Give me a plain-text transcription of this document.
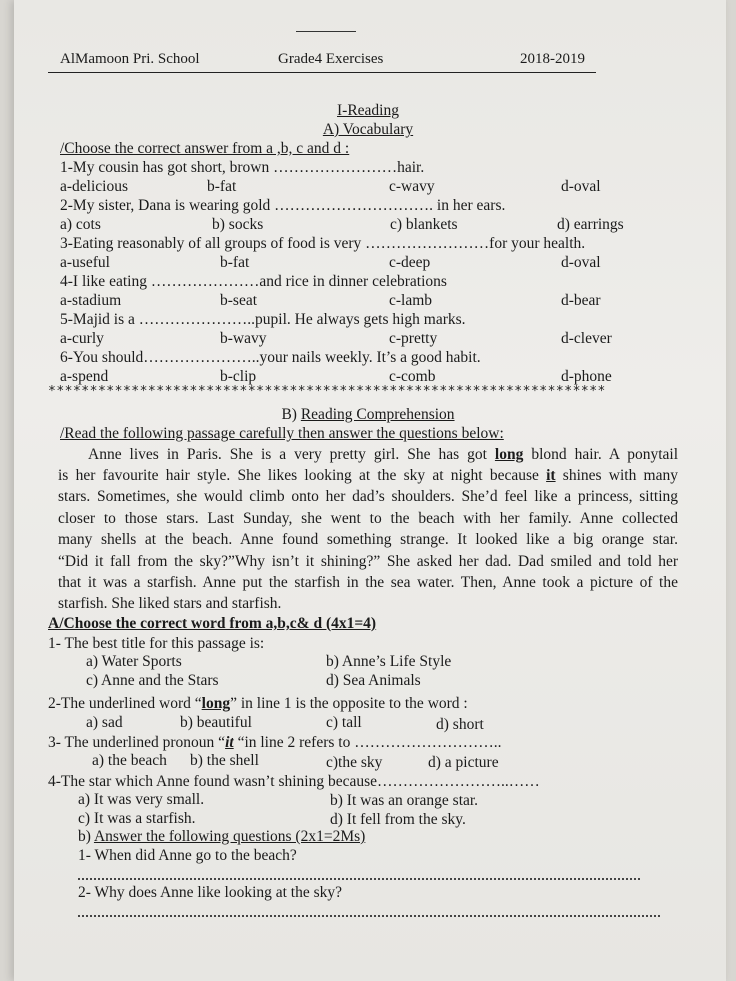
AlMamoon Pri. School	Grade4 Exercises	2018-2019
I-Reading
A) Vocabulary
/Choose the correct answer from a ,b, c and d :
1-My cousin has got short, brown ……………………hair.
a-delicious	b-fat	c-wavy	d-oval
2-My sister, Dana is wearing gold …………………………. in her ears.
a) cots	b) socks	c) blankets	d) earrings
3-Eating reasonably of all groups of food is very ……………………for your health.
a-useful	b-fat	c-deep	d-oval
4-I like eating …………………and rice in dinner celebrations
a-stadium	b-seat	c-lamb	d-bear
5-Majid is a …………………..pupil. He always gets high marks.
a-curly	b-wavy	c-pretty	d-clever
6-You should…………………..your nails weekly. It’s a good habit.
a-spend	b-clip	c-comb	d-phone
*******************************************************************
B) Reading Comprehension
/Read the following passage carefully then answer the questions below:
Anne lives in Paris. She is a very pretty girl. She has got long blond hair. A ponytail
is her favourite hair style. She likes looking at the sky at night because it shines with many
stars. Sometimes, she would climb onto her dad’s shoulders. She’d feel like a princess, sitting
closer to those stars. Last Sunday, she went to the beach with her family. Anne collected
many shells at the beach. Anne found something strange. It looked like a big orange star.
“Did it fall from the sky?”Why isn’t it shining?” She asked her dad. Dad smiled and told her
that it was a starfish. Anne put the starfish in the sea water. Then, Anne took a picture of the
starfish. She liked stars and starfish.
A/Choose the correct word from a,b,c& d (4x1=4)
1- The best title for this passage is:
a) Water Sports	b) Anne’s Life Style
c) Anne and the Stars	d) Sea Animals
2-The underlined word “long” in line 1 is the opposite to the word :
a) sad	b) beautiful	c) tall	d) short
3- The underlined pronoun “it “in line 2 refers to ………………………..
a) the beach b) the shell	c)the sky	d) a picture
4-The star which Anne found wasn’t shining because……………………..……
a) It was very small.	b) It was an orange star.
c) It was a starfish.	d) It fell from the sky.
b) Answer the following questions (2x1=2Ms)
1- When did Anne go to the beach?
2- Why does Anne like looking at the sky?
